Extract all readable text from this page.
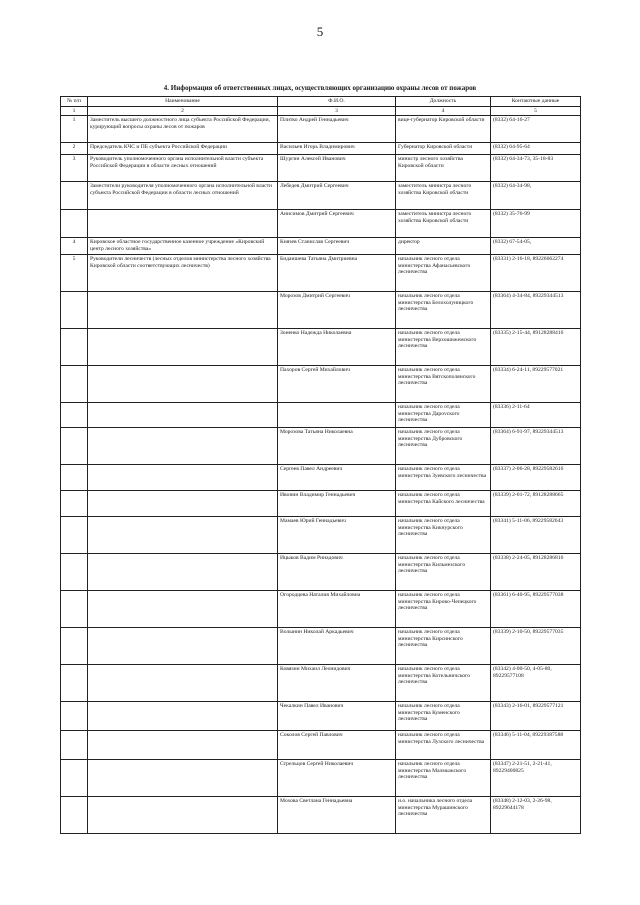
5
4. Информация об ответственных лицах, осуществляющих организацию охраны лесов от пожаров
№ п/п	Наименование	Ф.И.О.	Должность	Контактные данные
1	2	3	4	5
1	Заместитель высшего должностного лица субъекта Российской Федерации, курирующий вопросы охраны лесов от пожаров	Плитко Андрей Геннадьевич	вице-губернатор Кировской области	(8332) 64-16-27
2	Председатель КЧС и ПБ субъекта Российской Федерации	Васильев Игорь Владимирович	Губернатор Кировской области	(8332) 64-95-64
3	Руководитель уполномоченного органа исполнительной власти субъекта Российской Федерации в области лесных отношений	Шургин Алексей Иванович	министр лесного хозяйства Кировской области	(8332) 64-34-73, 35-18-83
	Заместители руководителя уполномоченного органа исполнительной власти субъекта Российской Федерации в области лесных отношений	Лебедев Дмитрий Сергеевич	заместитель министра лесного хозяйства Кировской области	(8332) 64-34-98,
		Анисимов Дмитрий Сергеевич	заместитель министра лесного хозяйства Кировской области	(8332) 35-76-99
4	Кировское областное государственное казенное учреждение «Кировский центр лесного хозяйства»	Князев Станислав Сергеевич	директор	(8332) 67-54-05,
5	Руководители лесничеств (лесных отделов министерства лесного хозяйства Кировской области соответствующих лесничеств)	Бидаишева Татьяна Дмитриевна	начальник лесного отдела министерства Афанасьевского лесничества	(83331) 2-16-18, 89226662274
		Морозов Дмитрий Сергеевич	начальник лесного отдела министерства Белохолуницкого лесничества	(83364) 4-34-84, 89229344513
		Зоненко Надежда Николаевна	начальник лесного отдела министерства Верхошижемского лесничества	(83335) 2-15-44, 89128288416
		Пахоров Сергей Михайлович	начальник лесного отдела министерства Вятскополянского лесничества	(83334) 6-24-11, 89229577021
			начальник лесного отдела министерства Дарovского лесничества	(83336) 2-11-64
		Морозова Татьяна Николаевна	начальник лесного отдела министерства Дубровского лесничества	(83364) 6-91-97, 89229344513
		Сергеев Павел Андреевич	начальник лесного отдела министерства Зуевского лесничества	(83337) 2-06-28, 89229582616
		Ивонин Владимир Геннадьевич	начальник лесного отдела министерства Кайского лесничества	(83339) 2-01-72, 89128288665
		Мамаев Юрий Геннадьевич	начальник лесного отдела министерства Кикнурского лесничества	(83341) 5-11-06, 89229582643
		Ицыков Вадим Ринадович	начальник лесного отдела министерства Кильмезского лесничества	(83338) 2-24-05, 89128286816
		Огородцева Наталия Михайловна	начальник лесного отдела министерства Кирово-Чепецкого лесничества	(83361) 6-40-95, 89229577038
		Волынин Николай Аркадьевич	начальник лесного отдела министерства Кирсинского лесничества	(83339) 2-10-50, 89229577035
		Ковязин Михаил Леонидович	начальник лесного отдела министерства Котельничского лесничества	(83342) 4-00-50, 4-05-80, 89229577108
		Чекалкин Павел Иванович	начальник лесного отдела министерства Куменского лесничества	(83343) 2-16-01, 89229577121
		Соколов Сергей Павлович	начальник лесного отдела министерства Лузского лесничества	(83346) 5-11-04, 89229387588
		Стрельцов Сергей Николаевич	начальник лесного отдела министерства Малмыжского лесничества	(83347) 2-21-51, 2-21-41, 89229400825
		Мохова Светлана Геннадьевна	и.о. начальника лесного отдела министерства Мурашинского лесничества	(83348) 2-12-03, 2-26-98, 89229644178
